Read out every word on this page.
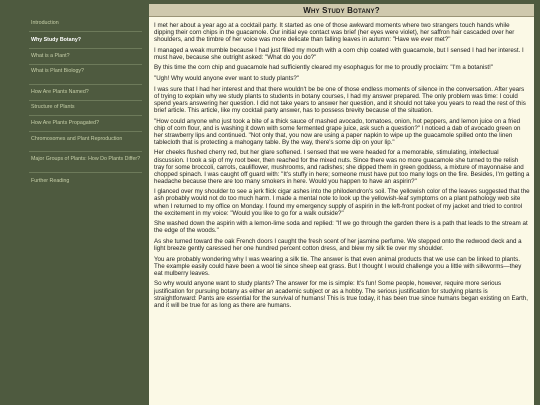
Introduction
Why Study Botany?
What is a Plant?
What is Plant Biology?
How Are Plants Named?
Structure of Plants
How Are Plants Propagated?
Chromosomes and Plant Reproduction
Major Groups of Plants: How Do Plants Differ?
Further Reading
Why Study Botany?

I met her about a year ago at a cocktail party. It started as one of those awkward moments where two strangers touch hands while dipping their corn chips in the guacamole. Our initial eye contact was brief (her eyes were violet), her saffron hair cascaded over her shoulders, and the timbre of her voice was more delicate than falling leaves in autumn: "Have we ever met?"

I managed a weak mumble because I had just filled my mouth with a corn chip coated with guacamole, but I sensed I had her interest. I must have, because she outright asked: "What do you do?"

By this time the corn chip and guacamole had sufficiently cleared my esophagus for me to proudly proclaim: "I'm a botanist!"

"Ugh! Why would anyone ever want to study plants?"

I was sure that I had her interest and that there wouldn't be be one of those endless moments of silence in the conversation. After years of trying to explain why we study plants to students in botany courses, I had my answer prepared. The only problem was time: I could spend years answering her question. I did not take years to answer her question, and it should not take you years to read the rest of this brief article. This article, like my cocktail party answer, has to possess brevity because of the situation.

"How could anyone who just took a bite of a thick sauce of mashed avocado, tomatoes, onion, hot peppers, and lemon juice on a fried chip of corn flour, and is washing it down with some fermented grape juice, ask such a question?" I noticed a dab of avocado green on her strawberry lips and continued. "Not only that, you now are using a paper napkin to wipe up the guacamole spilled onto the linen tablecloth that is protecting a mahogany table. By the way, there's some dip on your lip."

Her cheeks flushed cherry red, but her glare softened. I sensed that we were headed for a memorable, stimulating, intellectual discussion. I took a sip of my root beer, then reached for the mixed nuts. Since there was no more guacamole she turned to the relish tray for some broccoli, carrots, cauliflower, mushrooms, and radishes; she dipped them in green goddess, a mixture of mayonnaise and chopped spinach. I was caught off guard with: "It's stuffy in here; someone must have put too many logs on the fire. Besides, I'm getting a headache because there are too many smokers in here. Would you happen to have an aspirin?"

I glanced over my shoulder to see a jerk flick cigar ashes into the philodendron's soil. The yellowish color of the leaves suggested that the ash probably would not do too much harm. I made a mental note to look up the yellowish-leaf symptoms on a plant pathology web site when I returned to my office on Monday. I found my emergency supply of aspirin in the left-front pocket of my jacket and tried to control the excitement in my voice: "Would you like to go for a walk outside?"

She washed down the aspirin with a lemon-lime soda and replied: "If we go through the garden there is a path that leads to the stream at the edge of the woods."

As she turned toward the oak French doors I caught the fresh scent of her jasmine perfume. We stepped onto the redwood deck and a light breeze gently caressed her one hundred percent cotton dress, and blew my silk tie over my shoulder.

You are probably wondering why I was wearing a silk tie. The answer is that even animal products that we use can be linked to plants. The example easily could have been a wool tie since sheep eat grass. But I thought I would challenge you a little with silkworms—they eat mulberry leaves.

So why would anyone want to study plants? The answer for me is simple: It's fun! Some people, however, require more serious justification for pursuing botany as either an academic subject or as a hobby. The serious justification for studying plants is straightforward: Pants are essential for the survival of humans! This is true today, it has been true since humans began existing on Earth, and it will be true for as long as there are humans.
